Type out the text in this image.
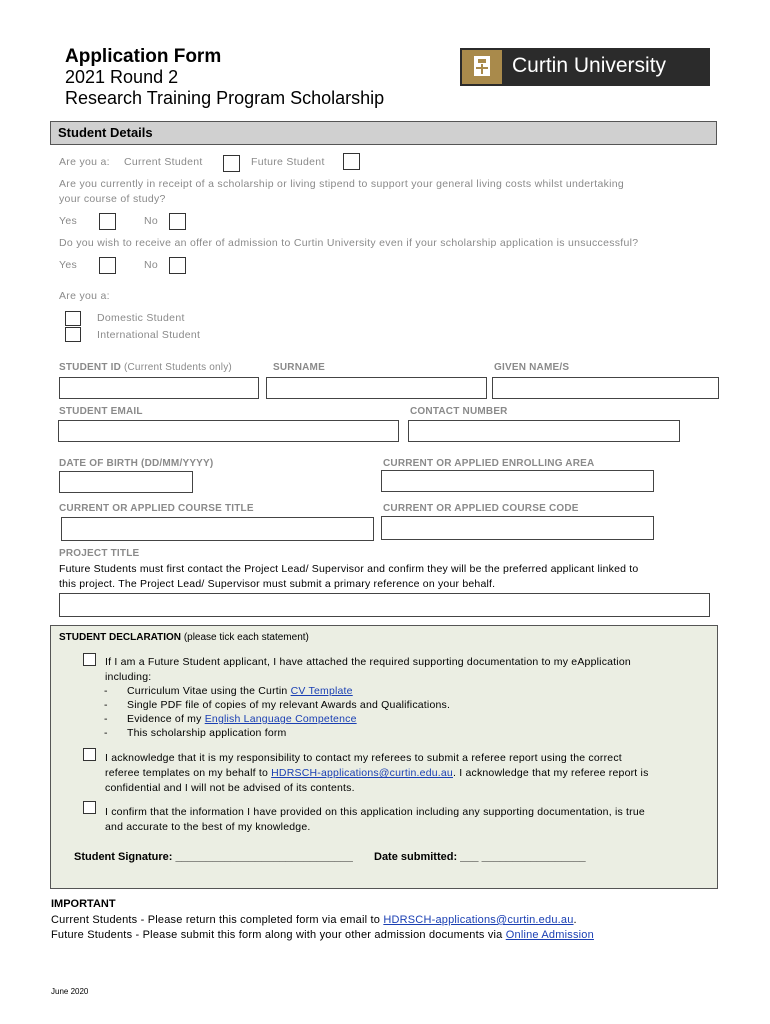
Application Form
2021 Round 2
Research Training Program Scholarship
Curtin University
Student Details
Are you a: Current Student	Future Student
Are you currently in receipt of a scholarship or living stipend to support your general living costs whilst undertaking
your course of study?
Yes	No
Do you wish to receive an offer of admission to Curtin University even if your scholarship application is unsuccessful?
Yes	No
Are you a:
Domestic Student
International Student
STUDENT ID (Current Students only)	SURNAME	GIVEN NAME/S
STUDENT EMAIL	CONTACT NUMBER
DATE OF BIRTH (DD/MM/YYYY)	CURRENT OR APPLIED ENROLLING AREA
CURRENT OR APPLIED COURSE TITLE	CURRENT OR APPLIED COURSE CODE
PROJECT TITLE
Future Students must first contact the Project Lead/ Supervisor and confirm they will be the preferred applicant linked to
this project. The Project Lead/ Supervisor must submit a primary reference on your behalf.
STUDENT DECLARATION (please tick each statement)
If I am a Future Student applicant, I have attached the required supporting documentation to my eApplication
including:
- Curriculum Vitae using the Curtin CV Template
- Single PDF file of copies of my relevant Awards and Qualifications.
- Evidence of my English Language Competence
- This scholarship application form
I acknowledge that it is my responsibility to contact my referees to submit a referee report using the correct
referee templates on my behalf to HDRSCH-applications@curtin.edu.au. I acknowledge that my referee report is
confidential and I will not be advised of its contents.
I confirm that the information I have provided on this application including any supporting documentation, is true
and accurate to the best of my knowledge.
Student Signature: _____________________________ Date submitted: ___ _________________
IMPORTANT
Current Students - Please return this completed form via email to HDRSCH-applications@curtin.edu.au.
Future Students - Please submit this form along with your other admission documents via Online Admission
June 2020
